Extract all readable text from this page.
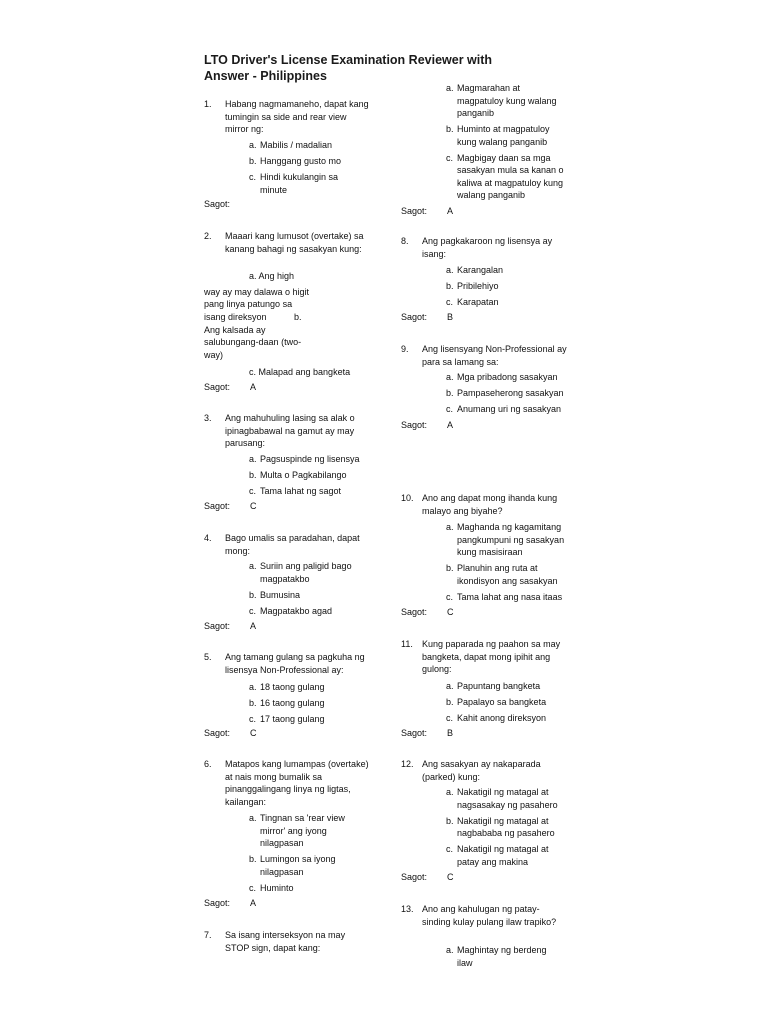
LTO Driver's License Examination Reviewer with Answer - Philippines
1.	Habang nagmamaneho, dapat kang tumingin sa side and rear view mirror ng:
a. Mabilis / madalian
b. Hanggang gusto mo
c. Hindi kukulangin sa minute
Sagot:
2.	Maaari kang lumusot (overtake) sa kanang bahagi ng sasakyan kung:
a. Ang high
way ay may dalawa o higit
pang linya patungo sa
isang direksyon	b.
Ang kalsada ay
salubungang-daan (two-
way)
c. Malapad ang bangketa
Sagot: A
3.	Ang mahuhuling lasing sa alak o ipinagbabawal na gamut ay may parusang:
a. Pagsuspinde ng lisensya
b. Multa o Pagkabilango
c. Tama lahat ng sagot
Sagot: C
4.	Bago umalis sa paradahan, dapat mong:
a. Suriin ang paligid bago magpatakbo
b. Bumusina
c. Magpatakbo agad
Sagot: A
5.	Ang tamang gulang sa pagkuha ng lisensya Non-Professional ay:
a. 18 taong gulang
b. 16 taong gulang
c. 17 taong gulang
Sagot: C
6.	Matapos kang lumampas (overtake) at nais mong bumalik sa pinanggalingang linya ng ligtas, kailangan:
a. Tingnan sa 'rear view mirror' ang iyong nilagpasan
b. Lumingon sa iyong nilagpasan
c. Huminto
Sagot: A
7.	Sa isang interseksyon na may STOP sign, dapat kang:
a. Magmarahan at magpatuloy kung walang panganib
b. Huminto at magpatuloy kung walang panganib
c. Magbigay daan sa mga sasakyan mula sa kanan o kaliwa at magpatuloy kung walang panganib
Sagot: A
8.	Ang pagkakaroon ng lisensya ay isang:
a. Karangalan
b. Pribilehiyo
c. Karapatan
Sagot: B
9.	Ang lisensyang Non-Professional ay para sa lamang sa:
a. Mga pribadong sasakyan
b. Pampaseherong sasakyan
c. Anumang uri ng sasakyan
Sagot: A
10. Ano ang dapat mong ihanda kung malayo ang biyahe?
a. Maghanda ng kagamitang pangkumpuni ng sasakyan kung masisiraan
b. Planuhin ang ruta at ikondisyon ang sasakyan
c. Tama lahat ang nasa itaas
Sagot: C
11.	Kung paparada ng paahon sa may bangketa, dapat mong ipihit ang gulong:
a. Papuntang bangketa
b. Papalayo sa bangketa
c. Kahit anong direksyon
Sagot: B
12. Ang sasakyan ay nakaparada (parked) kung:
a. Nakatigil ng matagal at nagsasakay ng pasahero
b. Nakatigil ng matagal at nagbababa ng pasahero
c. Nakatigil ng matagal at patay ang makina
Sagot: C
13. Ano ang kahulugan ng patay-sinding kulay pulang ilaw trapiko?
a. Maghintay ng berdeng ilaw
